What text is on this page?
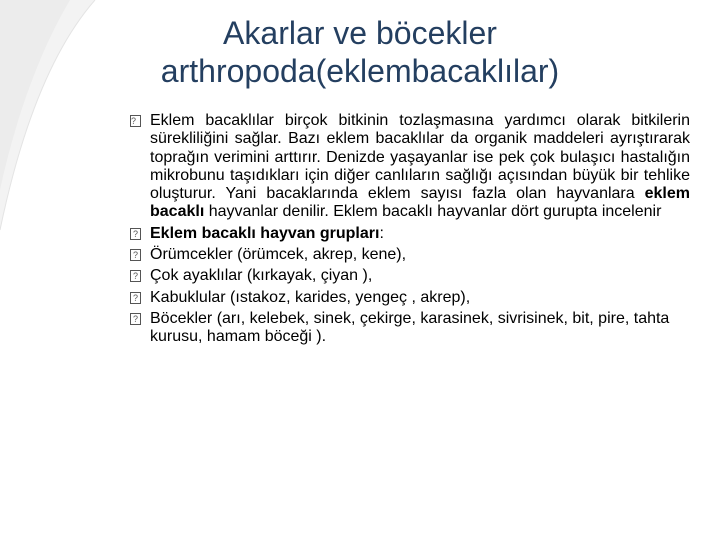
Akarlar ve böcekler
arthropoda(eklembacaklılar)
? Eklem bacaklılar birçok bitkinin tozlaşmasına yardımcı olarak bitkilerin sürekliliğini sağlar. Bazı eklem bacaklılar da organik maddeleri ayrıştırarak toprağın verimini arttırır. Denizde yaşayanlar ise pek çok bulaşıcı hastalığın mikrobunu taşıdıkları için diğer canlıların sağlığı açısından büyük bir tehlike oluşturur. Yani bacaklarında eklem sayısı fazla olan hayvanlara eklem bacaklı hayvanlar denilir. Eklem bacaklı hayvanlar dört gurupta incelenir
? Eklem bacaklı hayvan grupları:
? Örümcekler (örümcek, akrep, kene),
? Çok ayaklılar (kırkayak, çiyan ),
? Kabuklular (ıstakoz, karides, yengeç , akrep),
? Böcekler (arı, kelebek, sinek, çekirge, karasinek, sivrisinek, bit, pire, tahta kurusu, hamam böceği ).
